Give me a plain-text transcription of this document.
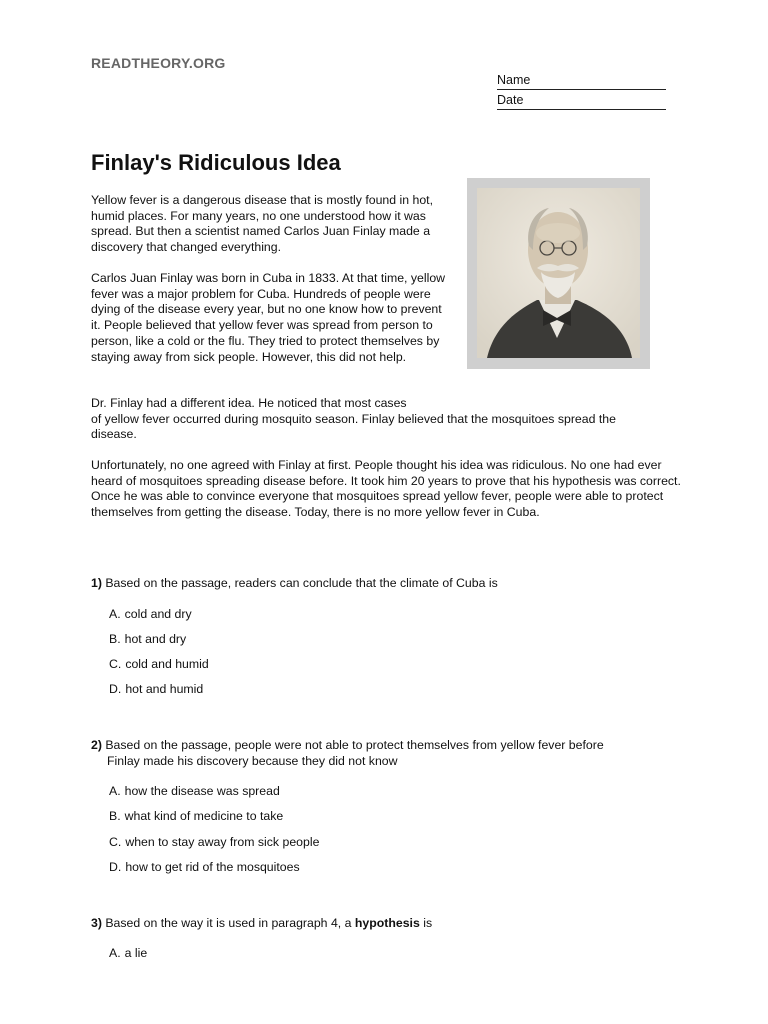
READTHEORY.ORG
Name
Date
Finlay's Ridiculous Idea

Yellow fever is a dangerous disease that is mostly found in hot, humid places. For many years, no one understood how it was spread. But then a scientist named Carlos Juan Finlay made a discovery that changed everything.

Carlos Juan Finlay was born in Cuba in 1833. At that time, yellow fever was a major problem for Cuba. Hundreds of people were dying of the disease every year, but no one know how to prevent it. People believed that yellow fever was spread from person to person, like a cold or the flu. They tried to protect themselves by staying away from sick people. However, this did not help.

Dr. Finlay had a different idea. He noticed that most cases
of yellow fever occurred during mosquito season. Finlay believed that the mosquitoes spread the
disease.

Unfortunately, no one agreed with Finlay at first. People thought his idea was ridiculous. No one had ever heard of mosquitoes spreading disease before. It took him 20 years to prove that his hypothesis was correct. Once he was able to convince everyone that mosquitoes spread yellow fever, people were able to protect themselves from getting the disease. Today, there is no more yellow fever in Cuba.

1) Based on the passage, readers can conclude that the climate of Cuba is

A. cold and dry

B. hot and dry

C. cold and humid

D. hot and humid

2) Based on the passage, people were not able to protect themselves from yellow fever before
Finlay made his discovery because they did not know

A. how the disease was spread

B. what kind of medicine to take

C. when to stay away from sick people

D. how to get rid of the mosquitoes

3) Based on the way it is used in paragraph 4, a hypothesis is

A. a lie
